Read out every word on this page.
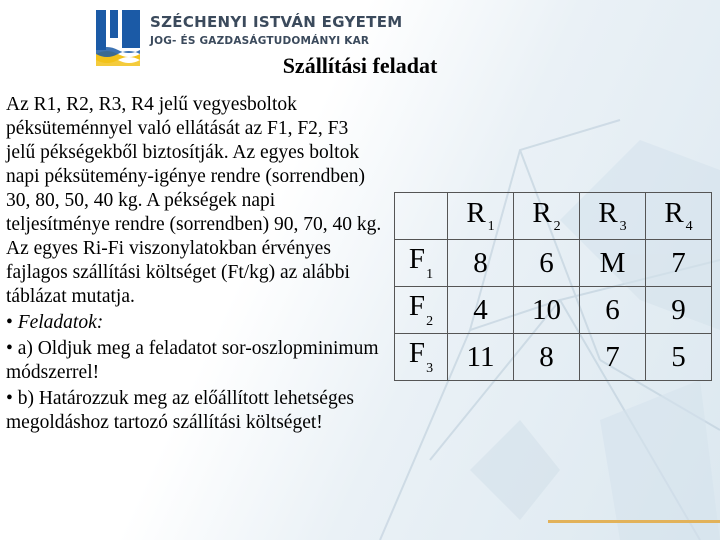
SZÉCHENYI ISTVÁN EGYETEM

JOG- ÉS GAZDASÁGTUDOMÁNYI KAR

Szállítási feladat

Az R1, R2, R3, R4 jelű vegyesboltok péksüteménnyel való ellátását az F1, F2, F3 jelű pékségekből biztosítják. Az egyes boltok napi péksütemény-igénye rendre (sorrendben) 30, 80, 50, 40 kg. A pékségek napi teljesítménye rendre (sorrendben) 90, 70, 40 kg. Az egyes Ri-Fi viszonylatokban érvényes fajlagos szállítási költséget (Ft/kg) az alábbi táblázat mutatja.

• Feladatok:

• a) Oldjuk meg a feladatot sor-oszlopminimum módszerrel!

• b) Határozzuk meg az előállított lehetséges megoldáshoz tartozó szállítási költséget!

	R $_1$	R $_2$	R $_3$	R $_4$
$F_1$	8	6	M	7
$F_2$	4	10	6	9
$F_3$	11	8	7	5
